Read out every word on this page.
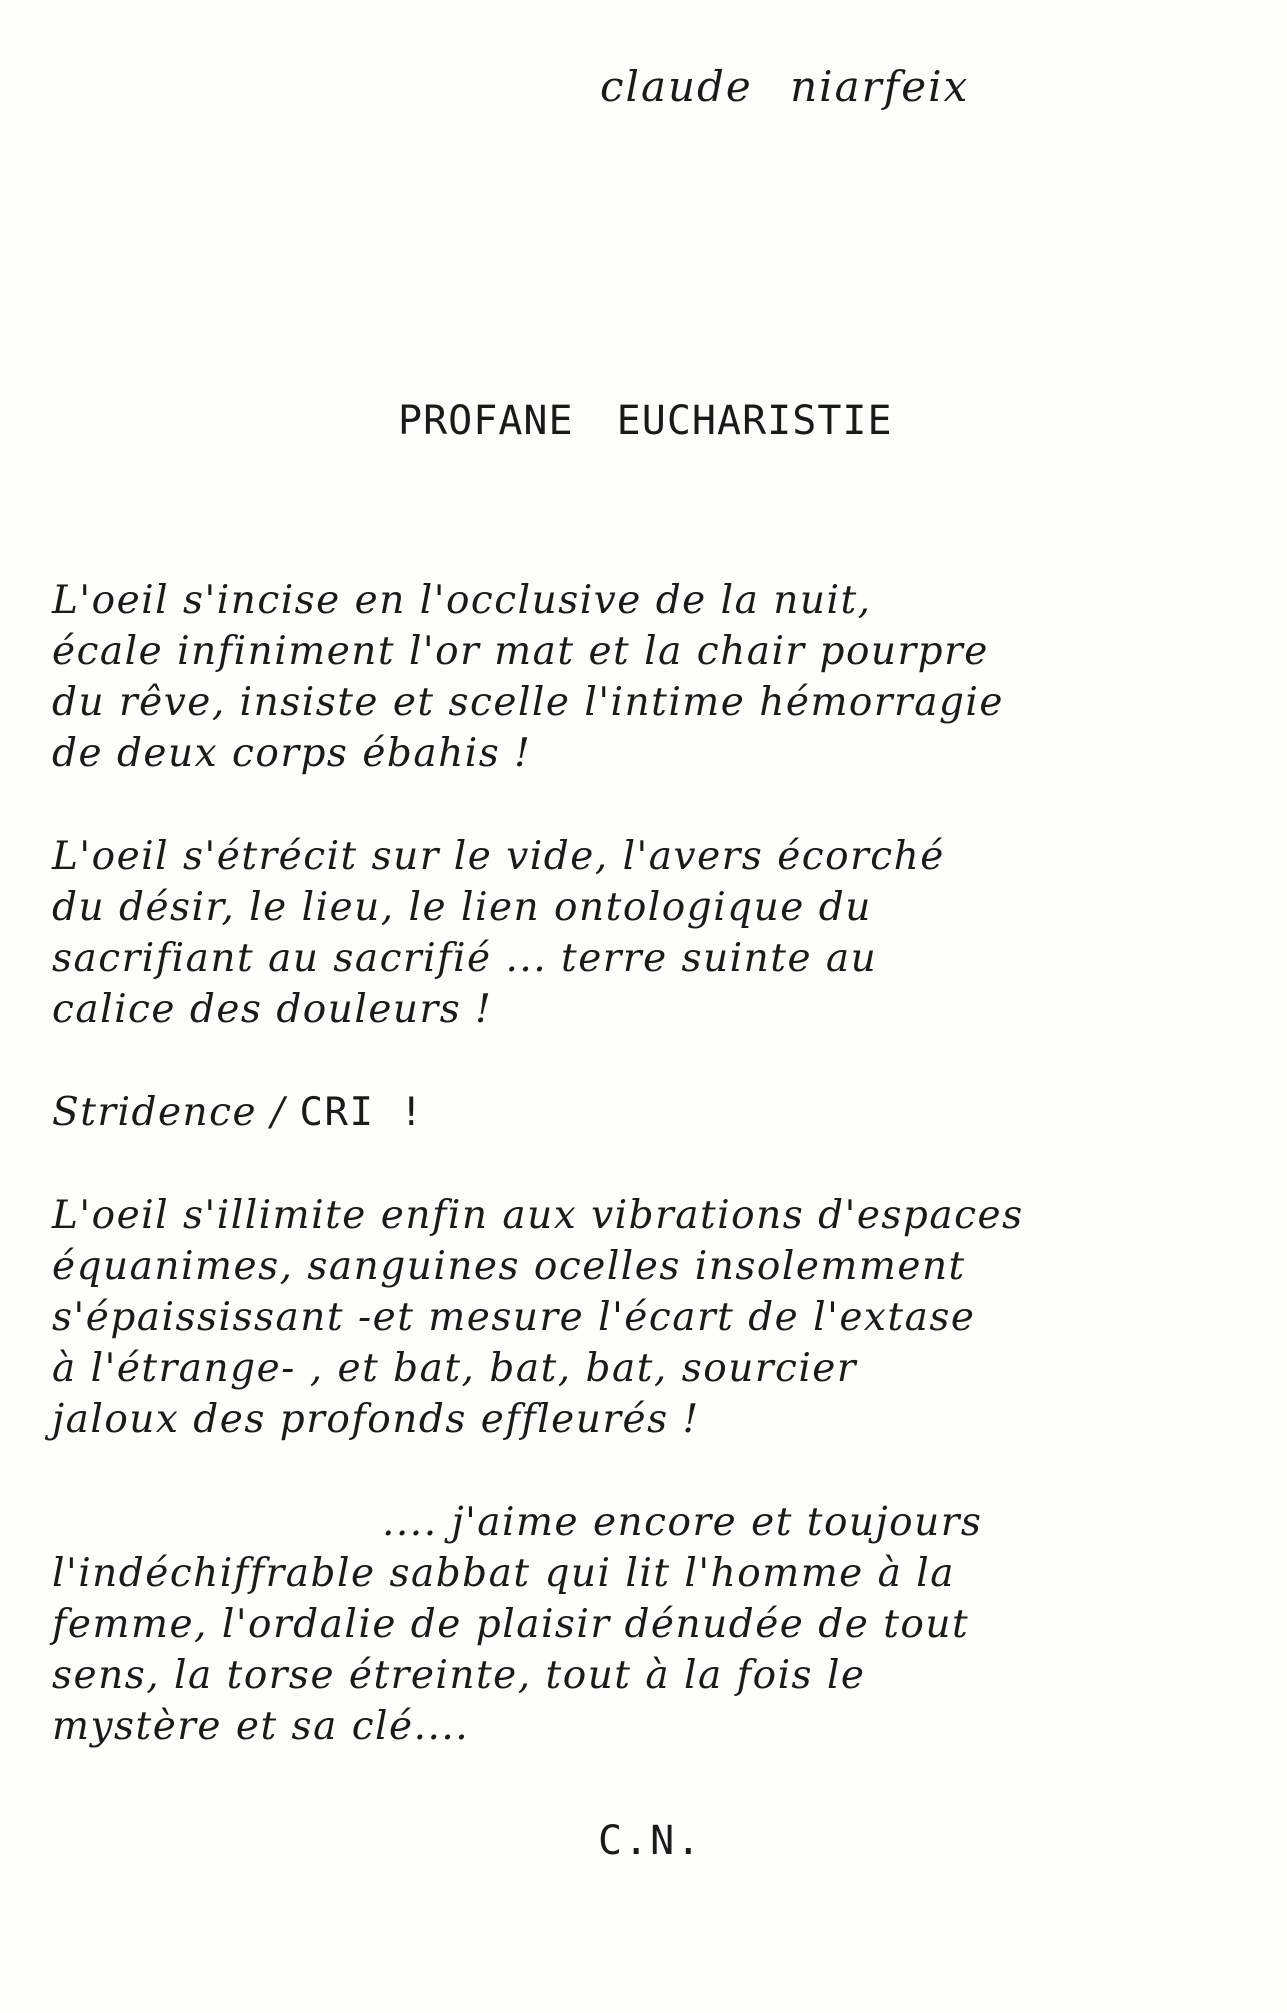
claude niarfeix
PROFANE EUCHARISTIE
L'oeil s'incise en l'occlusive de la nuit,
écale infiniment l'or mat et la chair pourpre
du rêve, insiste et scelle l'intime hémorragie
de deux corps ébahis !
L'oeil s'étrécit sur le vide, l'avers écorché
du désir, le lieu, le lien ontologique du
sacrifiant au sacrifié ... terre suinte au
calice des douleurs !
Stridence / CRI !
L'oeil s'illimite enfin aux vibrations d'espaces
équanimes, sanguines ocelles insolemment
s'épaississant -et mesure l'écart de l'extase
à l'étrange- , et bat, bat, bat, sourcier
jaloux des profonds effleurés !
.... j'aime encore et toujours
l'indéchiffrable sabbat qui lit l'homme à la
femme, l'ordalie de plaisir dénudée de tout
sens, la torse étreinte, tout à la fois le
mystère et sa clé....
C.N.
